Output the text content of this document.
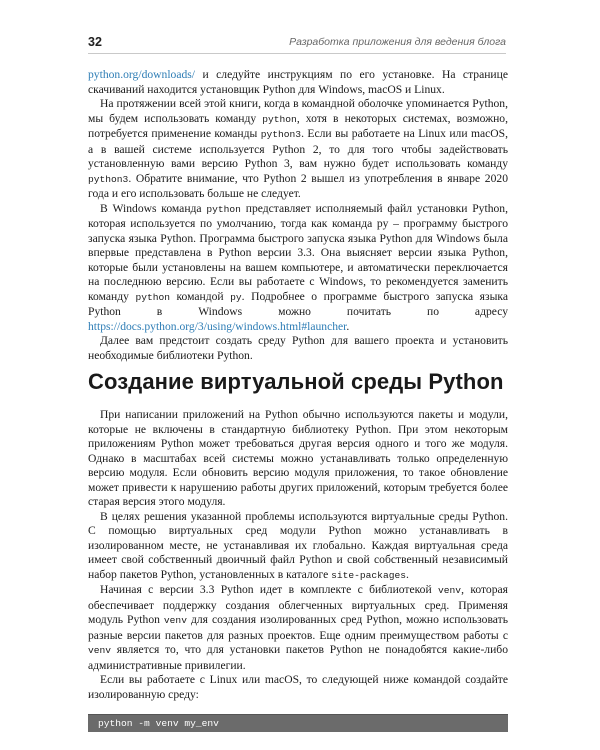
32	Разработка приложения для ведения блога

python.org/downloads/ и следуйте инструкциям по его установке. На странице скачиваний находится установщик Python для Windows, macOS и Linux.

На протяжении всей этой книги, когда в командной оболочке упоминается Python, мы будем использовать команду python, хотя в некоторых системах, возможно, потребуется применение команды python3. Если вы работаете на Linux или macOS, а в вашей системе используется Python 2, то для того чтобы задействовать установленную вами версию Python 3, вам нужно будет использовать команду python3. Обратите внимание, что Python 2 вышел из употребления в январе 2020 года и его использовать больше не следует.

В Windows команда python представляет исполняемый файл установки Python, которая используется по умолчанию, тогда как команда py – программу быстрого запуска языка Python. Программа быстрого запуска языка Python для Windows была впервые представлена в Python версии 3.3. Она выясняет версии языка Python, которые были установлены на вашем компьютере, и автоматически переключается на последнюю версию. Если вы работаете с Windows, то рекомендуется заменить команду python командой py. Подробнее о программе быстрого запуска языка Python в Windows можно почитать по адресу https://docs.python.org/3/using/windows.html#launcher.

Далее вам предстоит создать среду Python для вашего проекта и установить необходимые библиотеки Python.

Создание виртуальной среды Python

При написании приложений на Python обычно используются пакеты и модули, которые не включены в стандартную библиотеку Python. При этом некоторым приложениям Python может требоваться другая версия одного и того же модуля. Однако в масштабах всей системы можно устанавливать только определенную версию модуля. Если обновить версию модуля приложения, то такое обновление может привести к нарушению работы других приложений, которым требуется более старая версия этого модуля.

В целях решения указанной проблемы используются виртуальные среды Python. С помощью виртуальных сред модули Python можно устанавливать в изолированном месте, не устанавливая их глобально. Каждая виртуальная среда имеет свой собственный двоичный файл Python и свой собственный независимый набор пакетов Python, установленных в каталоге site-packages.

Начиная с версии 3.3 Python идет в комплекте с библиотекой venv, которая обеспечивает поддержку создания облегченных виртуальных сред. Применяя модуль Python venv для создания изолированных сред Python, можно использовать разные версии пакетов для разных проектов. Еще одним преимуществом работы с venv является то, что для установки пакетов Python не понадобятся какие-либо административные привилегии.

Если вы работаете с Linux или macOS, то следующей ниже командой создайте изолированную среду:

python -m venv my_env
